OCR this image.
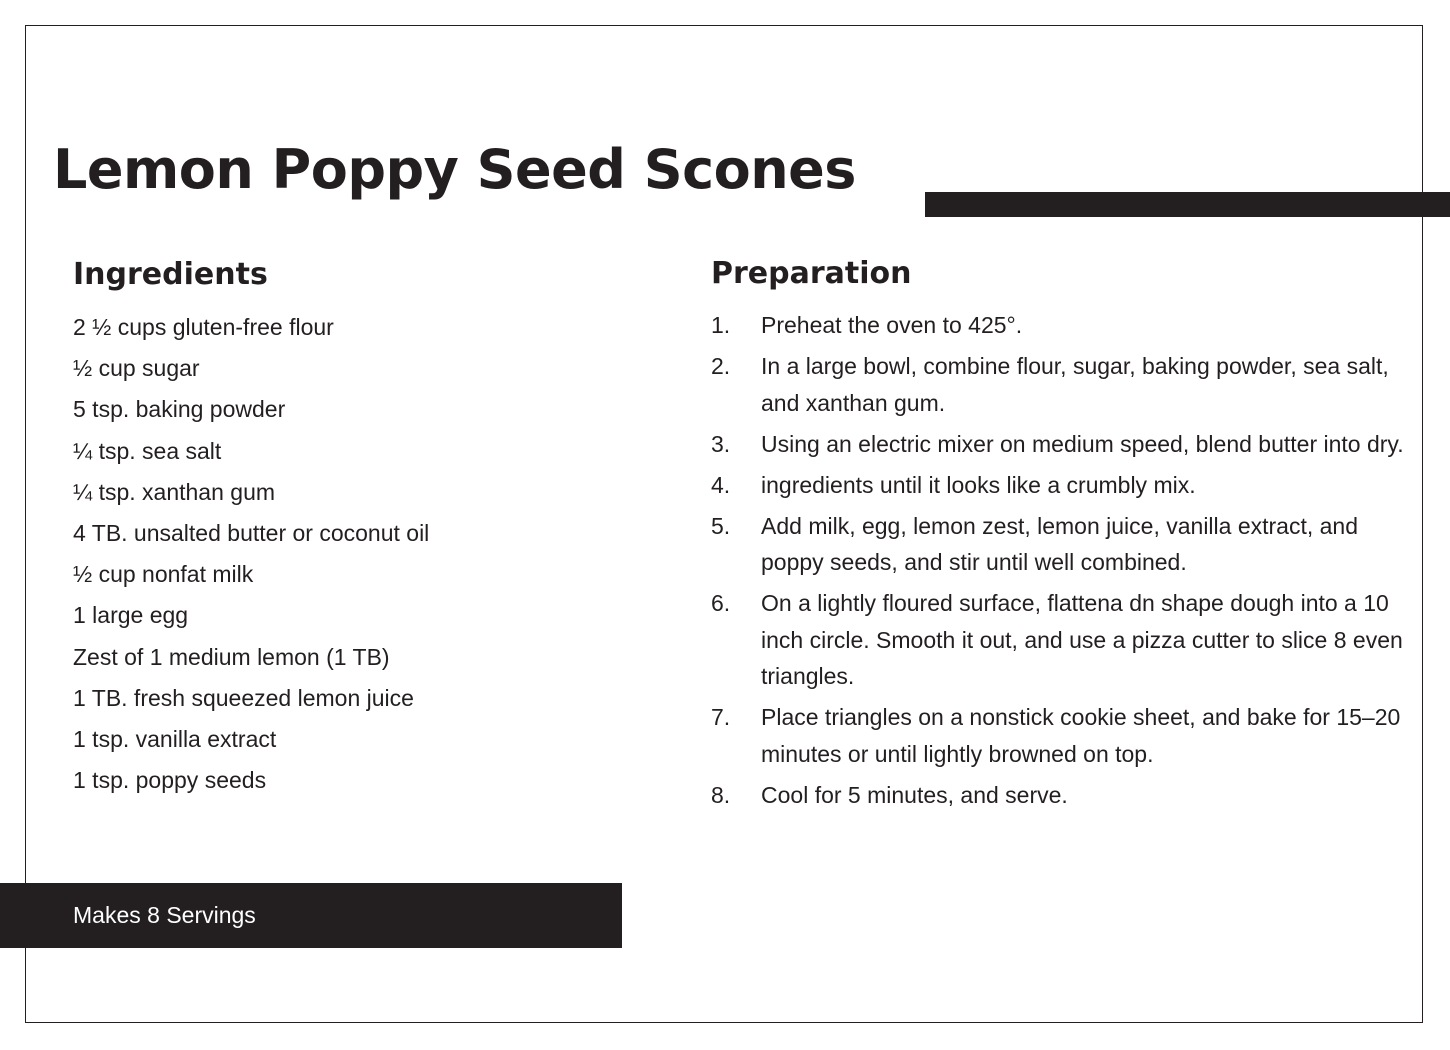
Lemon Poppy Seed Scones
Ingredients
2 ½ cups gluten-free flour
½ cup sugar
5 tsp. baking powder
¼ tsp. sea salt
¼ tsp. xanthan gum
4 TB. unsalted butter or coconut oil
½ cup nonfat milk
1 large egg
Zest of 1 medium lemon (1 TB)
1 TB. fresh squeezed lemon juice
1 tsp. vanilla extract
1 tsp. poppy seeds
Preparation
1.	Preheat the oven to 425°.
2.	In a large bowl, combine flour, sugar, baking powder, sea salt, and xanthan gum.
3.	Using an electric mixer on medium speed, blend butter into dry.
4.	ingredients until it looks like a crumbly mix.
5.	Add milk, egg, lemon zest, lemon juice, vanilla extract, and poppy seeds, and stir until well combined.
6.	On a lightly floured surface, flattena dn shape dough into a 10 inch circle. Smooth it out, and use a pizza cutter to slice 8 even triangles.
7.	Place triangles on a nonstick cookie sheet, and bake for 15–20 minutes or until lightly browned on top.
8.	Cool for 5 minutes, and serve.
Makes 8 Servings
